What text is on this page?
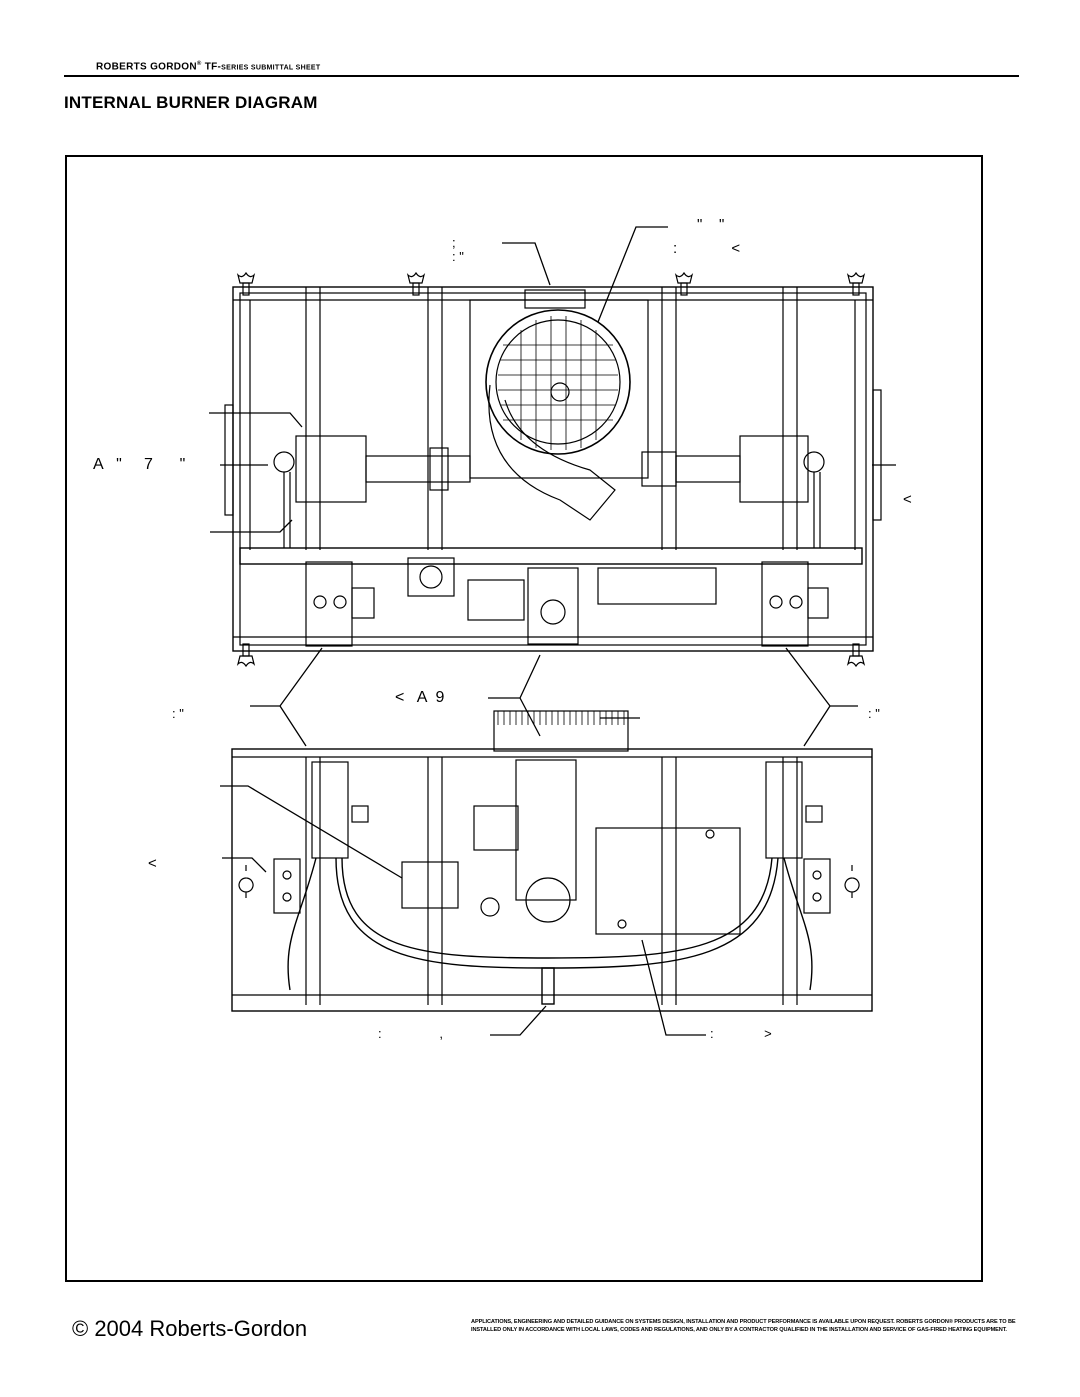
ROBERTS GORDON® TF-SERIES SUBMITTAL SHEET
INTERNAL BURNER DIAGRAM
;
: "
"    "
:             <
A   "     7      "
<
: "
<   A  9
: "
<
:                ,	:              >
© 2004 Roberts-Gordon	APPLICATIONS, ENGINEERING AND DETAILED GUIDANCE ON SYSTEMS DESIGN, INSTALLATION AND PRODUCT PERFORMANCE IS AVAILABLE UPON REQUEST. ROBERTS GORDON® PRODUCTS ARE TO BE
INSTALLED ONLY IN ACCORDANCE WITH LOCAL LAWS, CODES AND REGULATIONS, AND ONLY BY A CONTRACTOR QUALIFIED IN THE INSTALLATION AND SERVICE OF GAS-FIRED HEATING EQUIPMENT.
